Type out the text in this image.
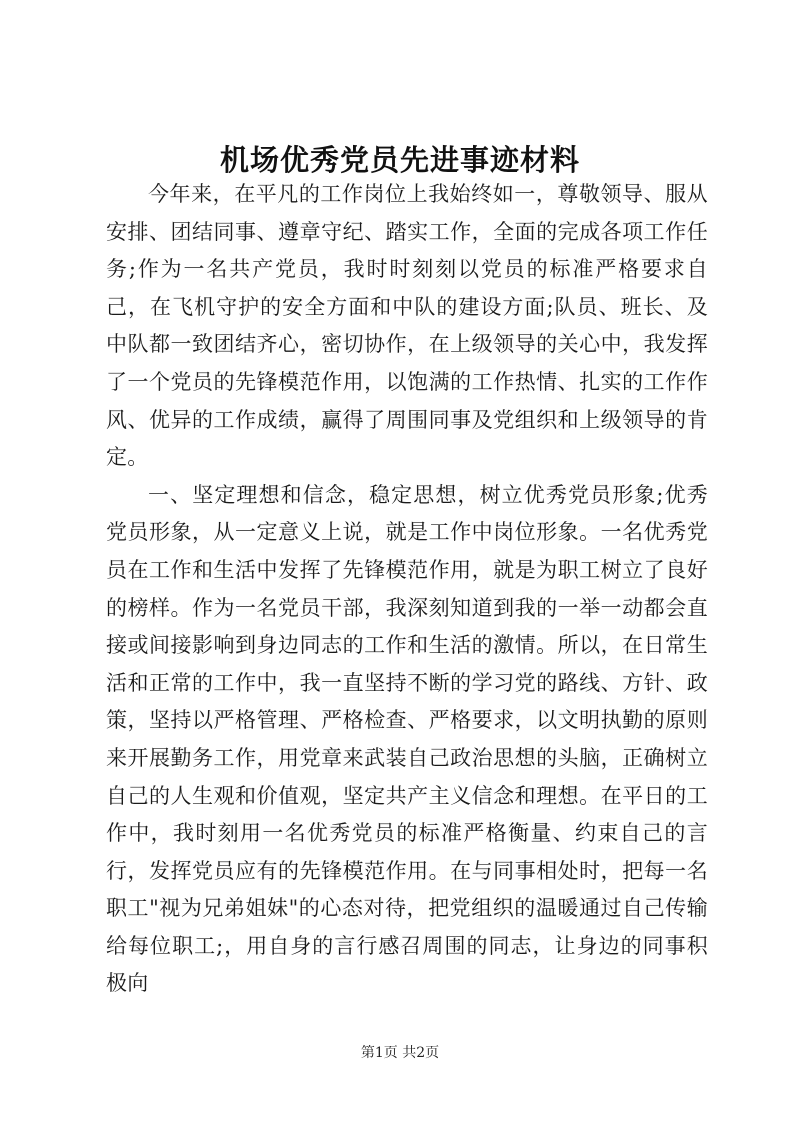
机场优秀党员先进事迹材料

今年来，在平凡的工作岗位上我始终如一，尊敬领导、服从安排、团结同事、遵章守纪、踏实工作，全面的完成各项工作任务;作为一名共产党员，我时时刻刻以党员的标准严格要求自己，在飞机守护的安全方面和中队的建设方面;队员、班长、及中队都一致团结齐心，密切协作，在上级领导的关心中，我发挥了一个党员的先锋模范作用，以饱满的工作热情、扎实的工作作风、优异的工作成绩，赢得了周围同事及党组织和上级领导的肯定。

一、坚定理想和信念，稳定思想，树立优秀党员形象;优秀党员形象，从一定意义上说，就是工作中岗位形象。一名优秀党员在工作和生活中发挥了先锋模范作用，就是为职工树立了良好的榜样。作为一名党员干部，我深刻知道到我的一举一动都会直接或间接影响到身边同志的工作和生活的激情。所以，在日常生活和正常的工作中，我一直坚持不断的学习党的路线、方针、政策，坚持以严格管理、严格检查、严格要求，以文明执勤的原则来开展勤务工作，用党章来武装自己政治思想的头脑，正确树立自己的人生观和价值观，坚定共产主义信念和理想。在平日的工作中，我时刻用一名优秀党员的标准严格衡量、约束自己的言行，发挥党员应有的先锋模范作用。在与同事相处时，把每一名职工"视为兄弟姐妹"的心态对待，把党组织的温暖通过自己传输给每位职工;，用自身的言行感召周围的同志，让身边的同事积极向

第1页 共2页
